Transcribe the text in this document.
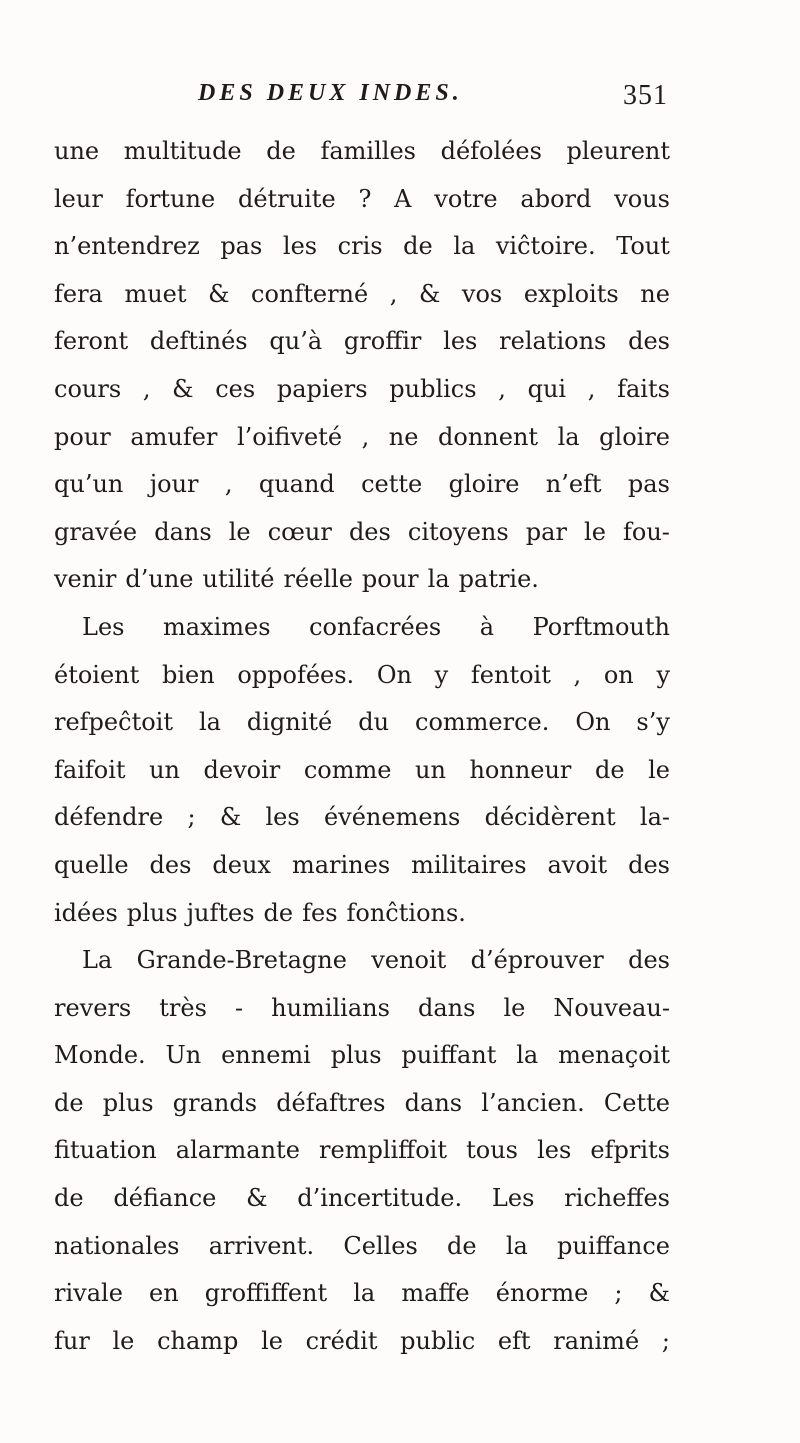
DES DEUX INDES.	351
une multitude de familles défolées pleurent
leur fortune détruite ? A votre abord vous
n’entendrez pas les cris de la viĉtoire. Tout
fera muet & confterné , & vos exploits ne
feront deftinés qu’à groffir les relations des
cours , & ces papiers publics , qui , faits
pour amufer l’oifiveté , ne donnent la gloire
qu’un jour , quand cette gloire n’eft pas
gravée dans le cœur des citoyens par le fou-
venir d’une utilité réelle pour la patrie.
Les maximes confacrées à Porftmouth
étoient bien oppofées. On y fentoit , on y
refpeĉtoit la dignité du commerce. On s’y
faifoit un devoir comme un honneur de le
défendre ; & les événemens décidèrent la-
quelle des deux marines militaires avoit des
idées plus juftes de fes fonĉtions.
La Grande-Bretagne venoit d’éprouver des
revers très - humilians dans le Nouveau-
Monde. Un ennemi plus puiffant la menaçoit
de plus grands défaftres dans l’ancien. Cette
fituation alarmante rempliffoit tous les efprits
de défiance & d’incertitude. Les richeffes
nationales arrivent. Celles de la puiffance
rivale en groffiffent la maffe énorme ; &
fur le champ le crédit public eft ranimé ;
